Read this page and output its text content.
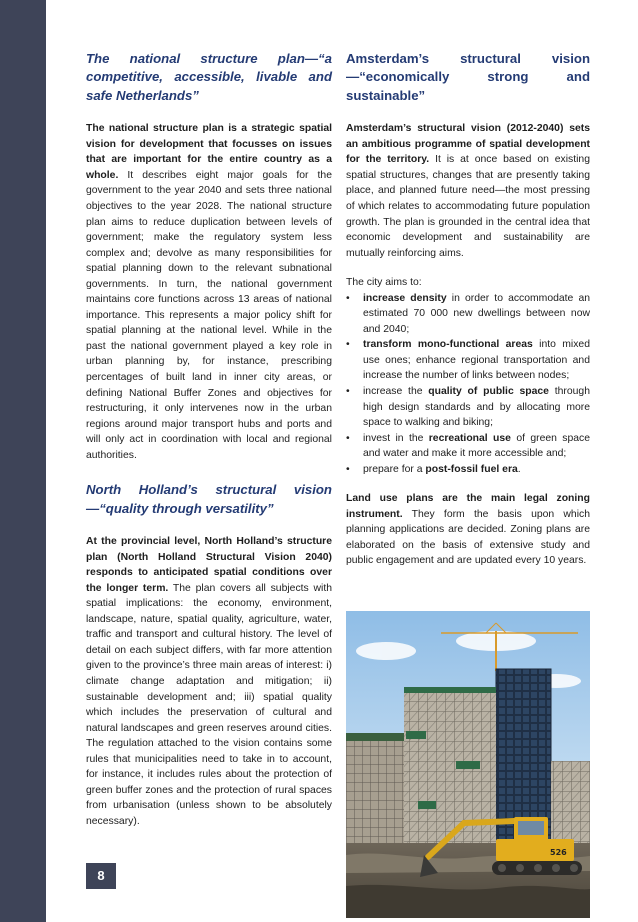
The national structure plan—“a competitive, accessible, livable and safe Netherlands”

The national structure plan is a strategic spatial vision for development that focusses on issues that are important for the entire country as a whole. It describes eight major goals for the government to the year 2040 and sets three national objectives to the year 2028. The national structure plan aims to reduce duplication between levels of government; make the regulatory system less complex and; devolve as many responsibilities for spatial planning down to the relevant subnational governments. In turn, the national government maintains core functions across 13 areas of national importance. This represents a major policy shift for spatial planning at the national level. While in the past the national government played a key role in urban planning by, for instance, prescribing percentages of built land in inner city areas, or defining National Buffer Zones and objectives for restructuring, it only intervenes now in the urban regions around major transport hubs and ports and will only act in coordination with local and regional authorities.

North Holland’s structural vision—“quality through versatility”

At the provincial level, North Holland’s structure plan (North Holland Structural Vision 2040) responds to anticipated spatial conditions over the longer term. The plan covers all subjects with spatial implications: the economy, environment, landscape, nature, spatial quality, agriculture, water, traffic and transport and cultural history. The level of detail on each subject differs, with far more attention given to the province’s three main areas of interest: i) climate change adaptation and mitigation; ii) sustainable development and; iii) spatial quality which includes the preservation of cultural and natural landscapes and green reserves around cities. The regulation attached to the vision contains some rules that municipalities need to take in to account, for instance, it includes rules about the protection of green buffer zones and the protection of rural spaces from urbanisation (unless shown to be absolutely necessary).

Amsterdam’s structural vision—“economically strong and sustainable”

Amsterdam’s structural vision (2012-2040) sets an ambitious programme of spatial development for the territory. It is at once based on existing spatial structures, changes that are presently taking place, and planned future need—the most pressing of which relates to accommodating future population growth. The plan is grounded in the central idea that economic development and sustainability are mutually reinforcing aims.

The city aims to:

• increase density in order to accommodate an estimated 70 000 new dwellings between now and 2040;
• transform mono-functional areas into mixed use ones; enhance regional transportation and increase the number of links between nodes;
• increase the quality of public space through high design standards and by allocating more space to walking and biking;
• invest in the recreational use of green space and water and make it more accessible and;
• prepare for a post-fossil fuel era.

Land use plans are the main legal zoning instrument. They form the basis upon which planning applications are decided. Zoning plans are elaborated on the basis of extensive study and public engagement and are updated every 10 years.

526
8
